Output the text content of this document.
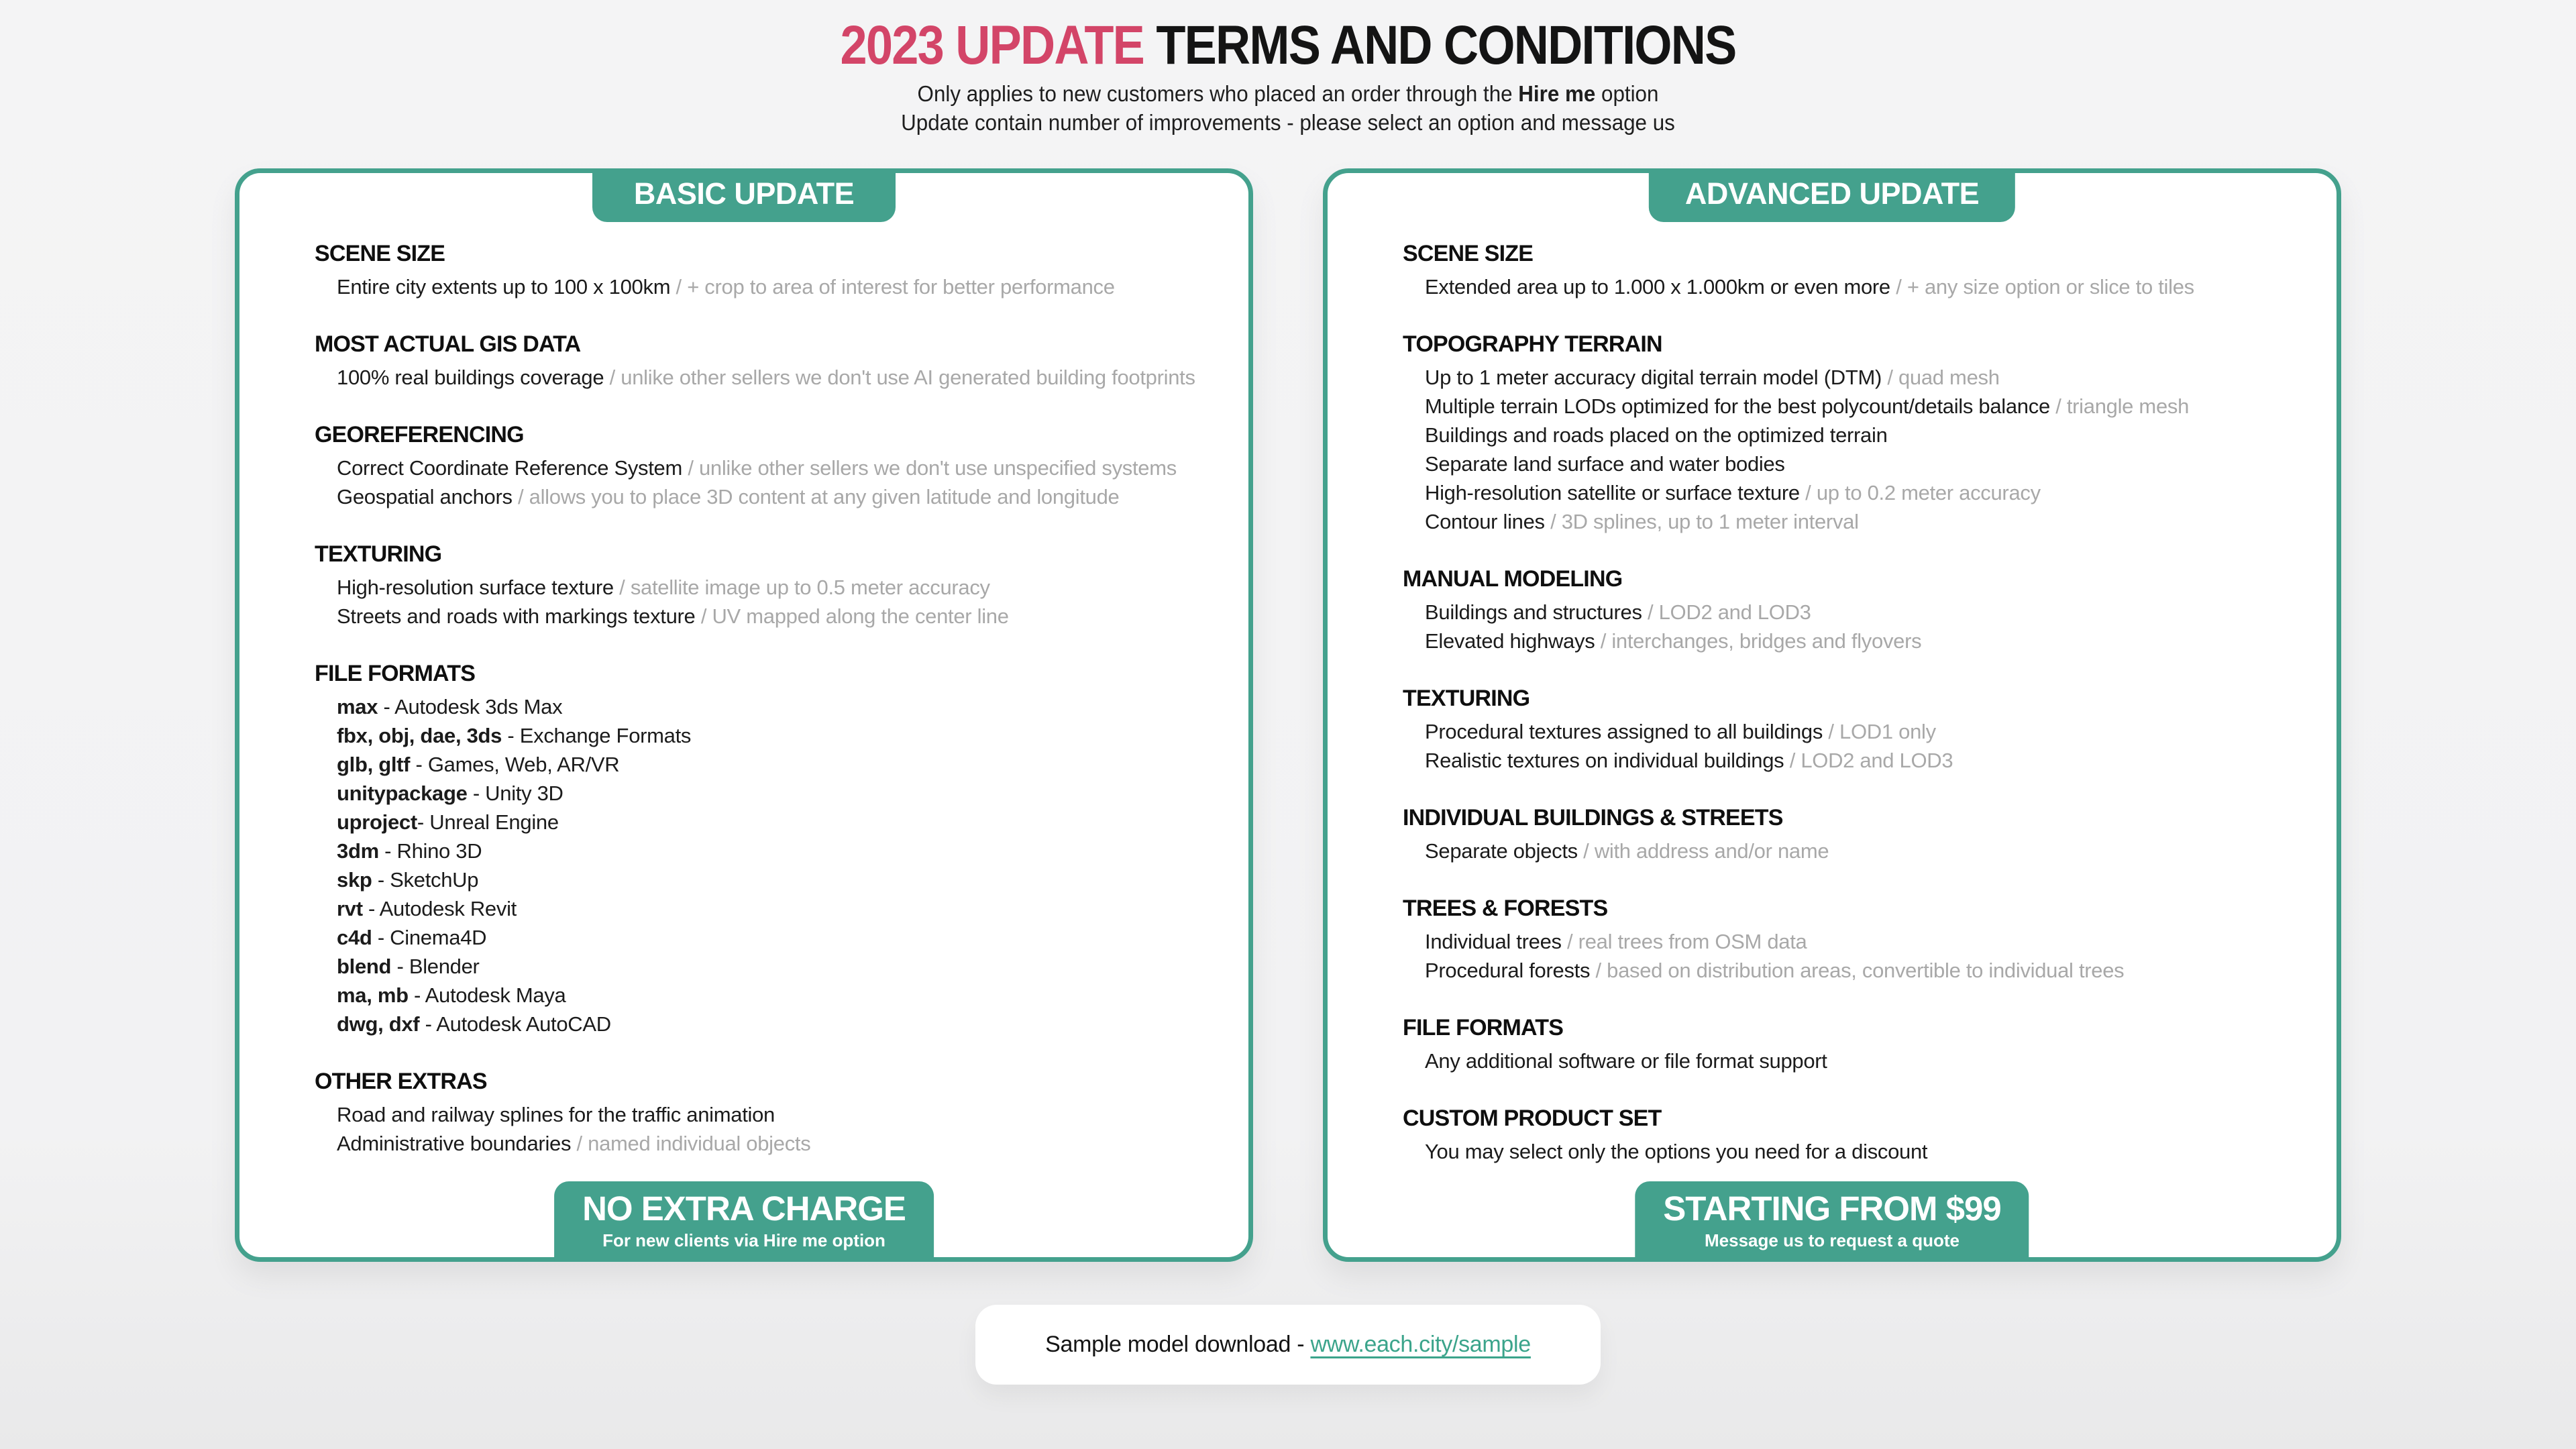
2023 UPDATE TERMS AND CONDITIONS

Only applies to new customers who placed an order through the Hire me option

Update contain number of improvements - please select an option and message us

BASIC UPDATE
SCENE SIZE

Entire city extents up to 100 x 100km / + crop to area of interest for better performance

MOST ACTUAL GIS DATA

100% real buildings coverage / unlike other sellers we don't use AI generated building footprints

GEOREFERENCING

Correct Coordinate Reference System / unlike other sellers we don't use unspecified systems

Geospatial anchors / allows you to place 3D content at any given latitude and longitude

TEXTURING

High-resolution surface texture / satellite image up to 0.5 meter accuracy

Streets and roads with markings texture / UV mapped along the center line

FILE FORMATS

max - Autodesk 3ds Max

fbx, obj, dae, 3ds - Exchange Formats

glb, gltf - Games, Web, AR/VR

unitypackage - Unity 3D

uproject- Unreal Engine

3dm - Rhino 3D

skp - SketchUp

rvt - Autodesk Revit

c4d - Cinema4D

blend - Blender

ma, mb - Autodesk Maya

dwg, dxf - Autodesk AutoCAD

OTHER EXTRAS

Road and railway splines for the traffic animation

Administrative boundaries / named individual objects

NO EXTRA CHARGE
For new clients via Hire me option
ADVANCED UPDATE
SCENE SIZE

Extended area up to 1.000 x 1.000km or even more / + any size option or slice to tiles

TOPOGRAPHY TERRAIN

Up to 1 meter accuracy digital terrain model (DTM) / quad mesh

Multiple terrain LODs optimized for the best polycount/details balance / triangle mesh

Buildings and roads placed on the optimized terrain

Separate land surface and water bodies

High-resolution satellite or surface texture / up to 0.2 meter accuracy

Contour lines / 3D splines, up to 1 meter interval

MANUAL MODELING

Buildings and structures / LOD2 and LOD3

Elevated highways / interchanges, bridges and flyovers

TEXTURING

Procedural textures assigned to all buildings / LOD1 only

Realistic textures on individual buildings / LOD2 and LOD3

INDIVIDUAL BUILDINGS & STREETS

Separate objects / with address and/or name

TREES & FORESTS

Individual trees / real trees from OSM data

Procedural forests / based on distribution areas, convertible to individual trees

FILE FORMATS

Any additional software or file format support

CUSTOM PRODUCT SET

You may select only the options you need for a discount

STARTING FROM $99
Message us to request a quote
Sample model download - www.each.city/sample
